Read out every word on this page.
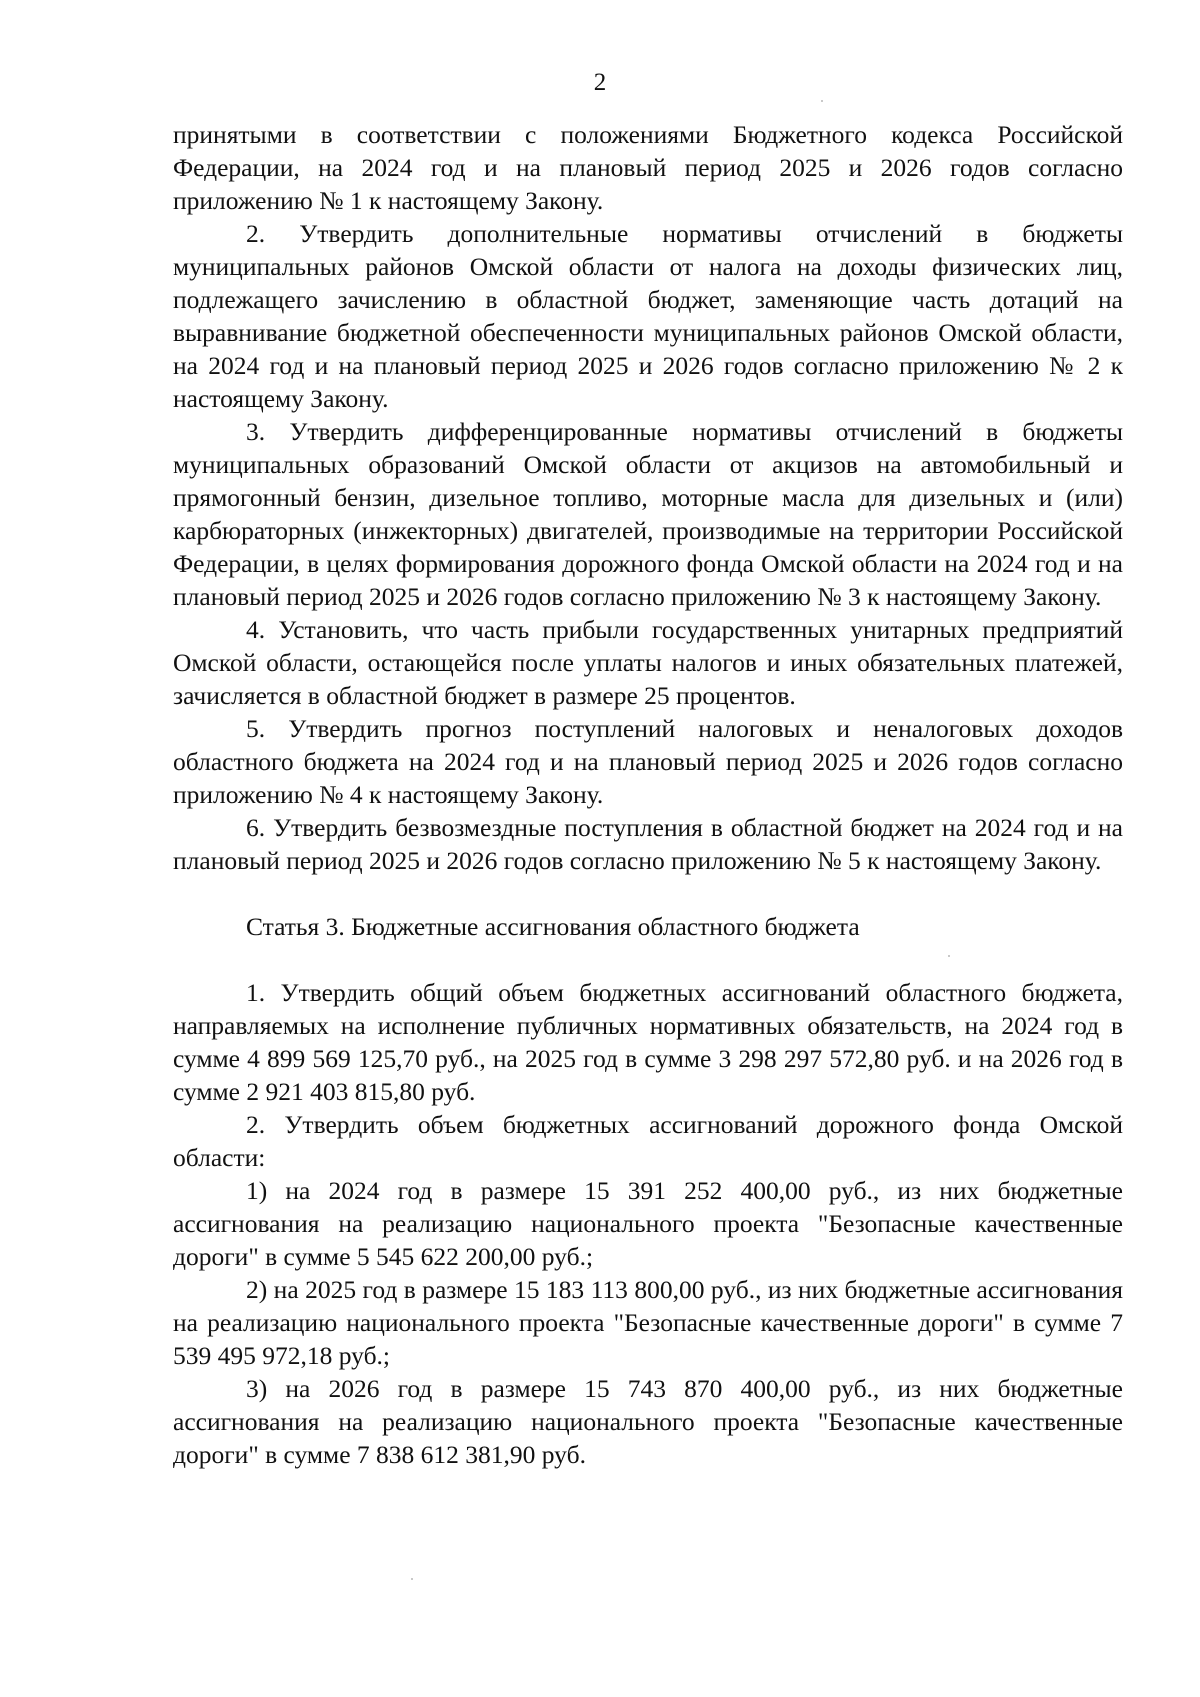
2

принятыми в соответствии с положениями Бюджетного кодекса Российской Федерации, на 2024 год и на плановый период 2025 и 2026 годов согласно приложению № 1 к настоящему Закону.

2. Утвердить дополнительные нормативы отчислений в бюджеты муниципальных районов Омской области от налога на доходы физических лиц, подлежащего зачислению в областной бюджет, заменяющие часть дотаций на выравнивание бюджетной обеспеченности муниципальных районов Омской области, на 2024 год и на плановый период 2025 и 2026 годов согласно приложению № 2 к настоящему Закону.

3. Утвердить дифференцированные нормативы отчислений в бюджеты муниципальных образований Омской области от акцизов на автомобильный и прямогонный бензин, дизельное топливо, моторные масла для дизельных и (или) карбюраторных (инжекторных) двигателей, производимые на территории Российской Федерации, в целях формирования дорожного фонда Омской области на 2024 год и на плановый период 2025 и 2026 годов согласно приложению № 3 к настоящему Закону.

4. Установить, что часть прибыли государственных унитарных предприятий Омской области, остающейся после уплаты налогов и иных обязательных платежей, зачисляется в областной бюджет в размере 25 процентов.

5. Утвердить прогноз поступлений налоговых и неналоговых доходов областного бюджета на 2024 год и на плановый период 2025 и 2026 годов согласно приложению № 4 к настоящему Закону.

6. Утвердить безвозмездные поступления в областной бюджет на 2024 год и на плановый период 2025 и 2026 годов согласно приложению № 5 к настоящему Закону.

Статья 3. Бюджетные ассигнования областного бюджета

1. Утвердить общий объем бюджетных ассигнований областного бюджета, направляемых на исполнение публичных нормативных обязательств, на 2024 год в сумме 4 899 569 125,70 руб., на 2025 год в сумме 3 298 297 572,80 руб. и на 2026 год в сумме 2 921 403 815,80 руб.

2. Утвердить объем бюджетных ассигнований дорожного фонда Омской области:

1) на 2024 год в размере 15 391 252 400,00 руб., из них бюджетные ассигнования на реализацию национального проекта "Безопасные качественные дороги" в сумме 5 545 622 200,00 руб.;

2) на 2025 год в размере 15 183 113 800,00 руб., из них бюджетные ассигнования на реализацию национального проекта "Безопасные качественные дороги" в сумме 7 539 495 972,18 руб.;

3) на 2026 год в размере 15 743 870 400,00 руб., из них бюджетные ассигнования на реализацию национального проекта "Безопасные качественные дороги" в сумме 7 838 612 381,90 руб.
